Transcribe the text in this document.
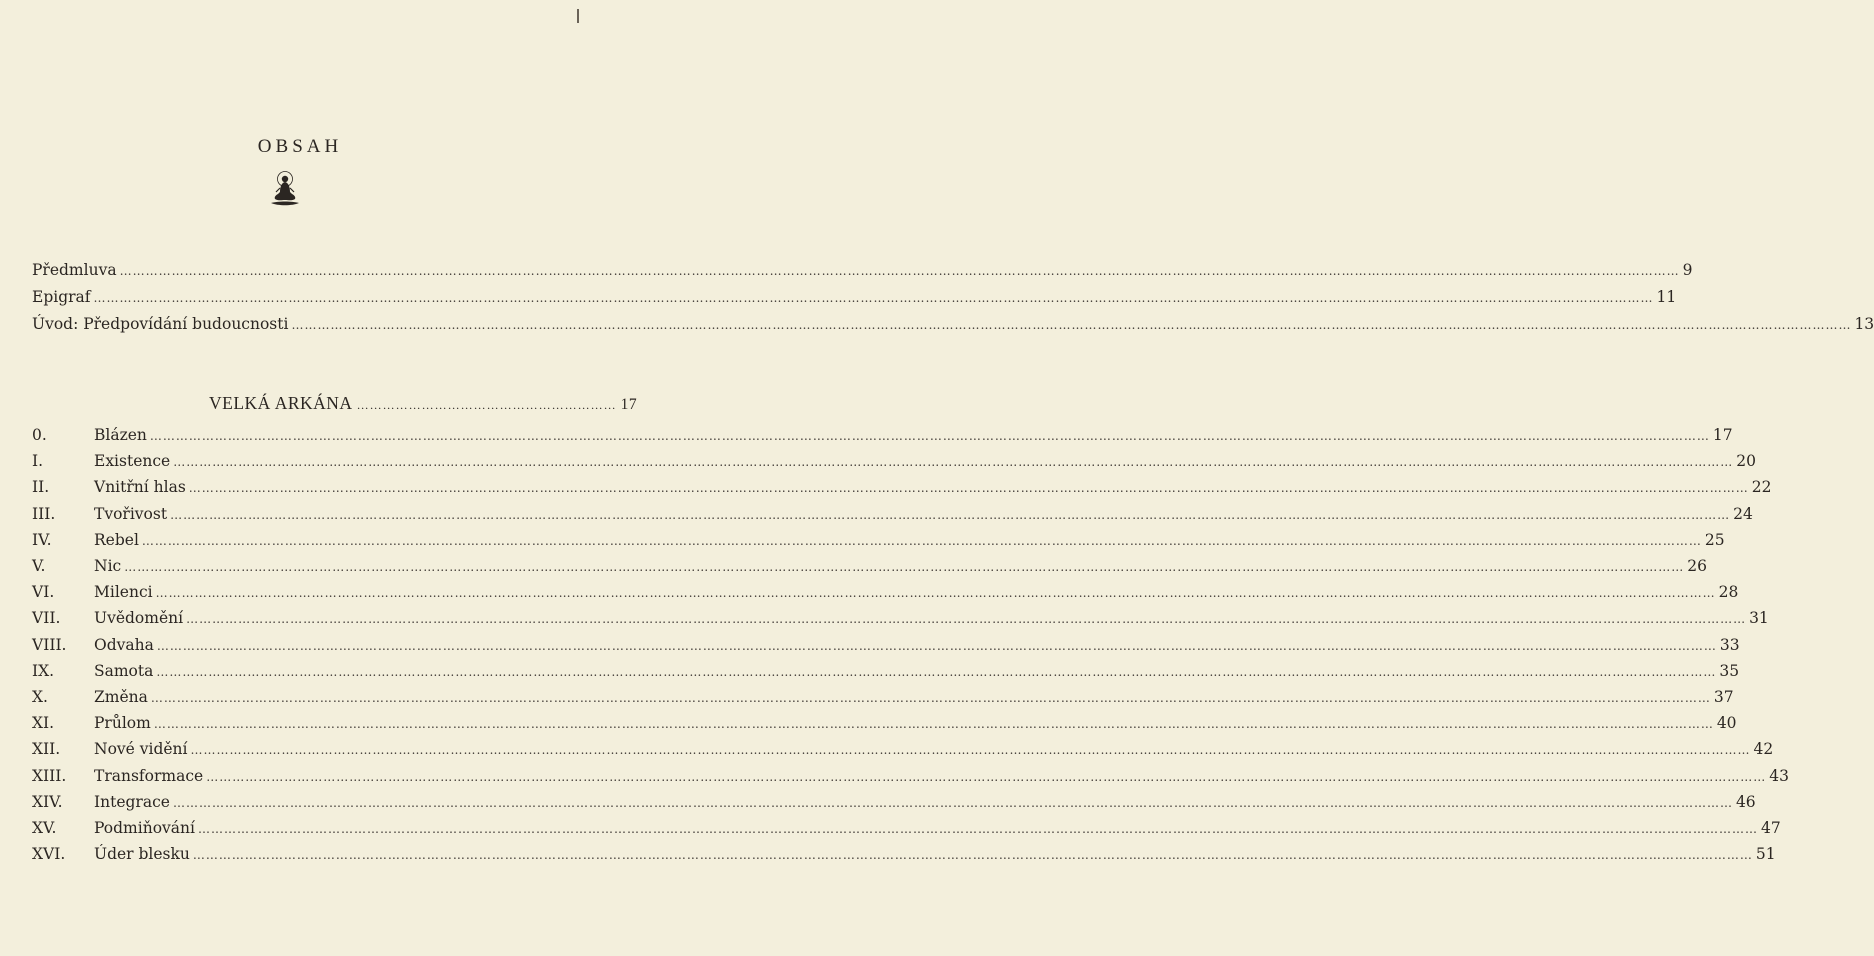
OBSAH
Předmluva ……………………………………………………………………………………………………………………………………………………………………………………………………………………………………………………………………………………………………………………………… 9
Epigraf ……………………………………………………………………………………………………………………………………………………………………………………………………………………………………………………………………………………………………………………………… 11
Úvod: Předpovídání budoucnosti ……………………………………………………………………………………………………………………………………………………………………………………………………………………………………………………………………………………………………………………………… 13
VELKÁ ARKÁNA …………………………………………………… 17
0.	Blázen ……………………………………………………………………………………………………………………………………………………………………………………………………………………………………………………………………………………………………………………………… 17
I.	Existence ……………………………………………………………………………………………………………………………………………………………………………………………………………………………………………………………………………………………………………………………… 20
II.	Vnitřní hlas ……………………………………………………………………………………………………………………………………………………………………………………………………………………………………………………………………………………………………………………………… 22
III.	Tvořivost ……………………………………………………………………………………………………………………………………………………………………………………………………………………………………………………………………………………………………………………………… 24
IV.	Rebel ……………………………………………………………………………………………………………………………………………………………………………………………………………………………………………………………………………………………………………………………… 25
V.	Nic ……………………………………………………………………………………………………………………………………………………………………………………………………………………………………………………………………………………………………………………………… 26
VI.	Milenci ……………………………………………………………………………………………………………………………………………………………………………………………………………………………………………………………………………………………………………………………… 28
VII.	Uvědomění ……………………………………………………………………………………………………………………………………………………………………………………………………………………………………………………………………………………………………………………………… 31
VIII.	Odvaha ……………………………………………………………………………………………………………………………………………………………………………………………………………………………………………………………………………………………………………………………… 33
IX.	Samota ……………………………………………………………………………………………………………………………………………………………………………………………………………………………………………………………………………………………………………………………… 35
X.	Změna ……………………………………………………………………………………………………………………………………………………………………………………………………………………………………………………………………………………………………………………………… 37
XI.	Průlom ……………………………………………………………………………………………………………………………………………………………………………………………………………………………………………………………………………………………………………………………… 40
XII.	Nové vidění ……………………………………………………………………………………………………………………………………………………………………………………………………………………………………………………………………………………………………………………………… 42
XIII.	Transformace ……………………………………………………………………………………………………………………………………………………………………………………………………………………………………………………………………………………………………………………………… 43
XIV.	Integrace ……………………………………………………………………………………………………………………………………………………………………………………………………………………………………………………………………………………………………………………………… 46
XV.	Podmiňování ……………………………………………………………………………………………………………………………………………………………………………………………………………………………………………………………………………………………………………………………… 47
XVI.	Úder blesku ……………………………………………………………………………………………………………………………………………………………………………………………………………………………………………………………………………………………………………………………… 51
